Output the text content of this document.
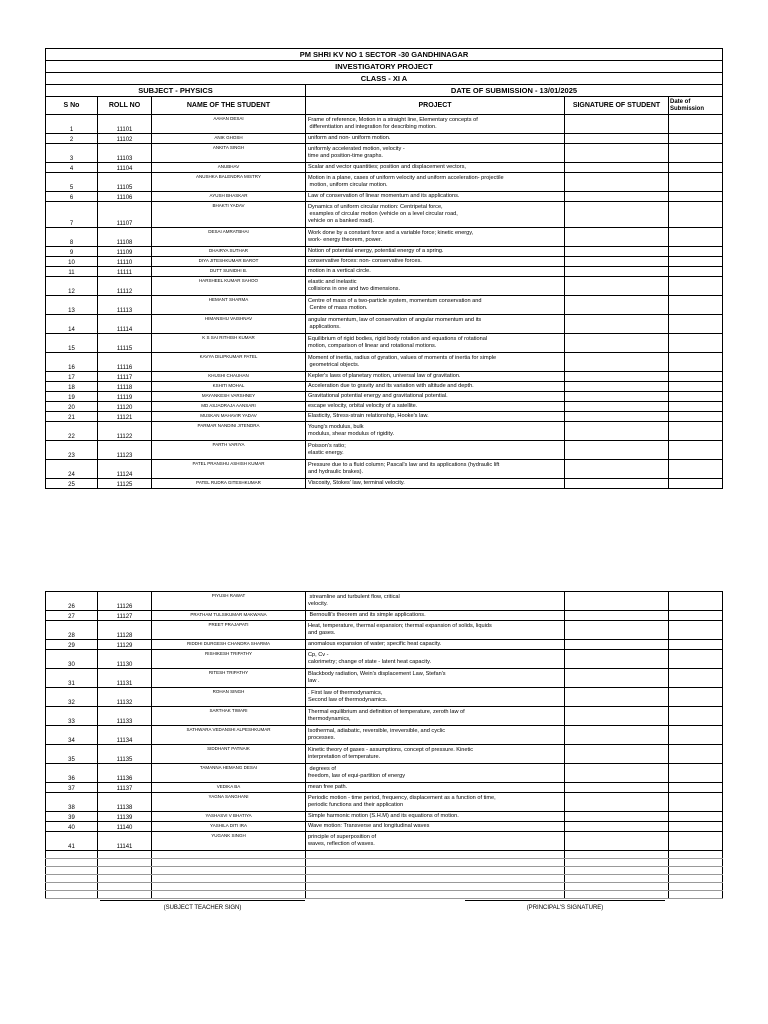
PM SHRI KV NO 1 SECTOR -30 GANDHINAGAR					
INVESTIGATORY PROJECT					
CLASS - XI A					
SUBJECT - PHYSICS			DATE OF SUBMISSION - 13/01/2025		
S No	ROLL NO	NAME OF THE STUDENT	PROJECT	SIGNATURE OF STUDENT	Date of Submission
1	11101	AAHAN DESAI	Frame of reference, Motion in a straight line, Elementary concepts of
differentiation and integration for describing motion.		
2	11102	ANIK GHOSH	uniform and non- uniform motion.		
3	11103	ANKITA SINGH	uniformly accelerated motion, velocity -
time and position-time graphs.		
4	11104	ANUBHAV	Scalar and vector quantities; position and displacement vectors,		
5	11105	ANUSHKA BALENDRA MISTRY	Motion in a plane, cases of uniform velocity and uniform acceleration- projectile
motion, uniform circular motion.		
6	11106	AYUSH BHASKAR	Law of conservation of linear momentum and its applications.		
7	11107	BHAKTI YADAV	Dynamics of uniform circular motion: Centripetal force,
examples of circular motion (vehicle on a level circular road,
vehicle on a banked road).		
8	11108	DESAI AMRATBHAI	Work done by a constant force and a variable force; kinetic energy,
work- energy theorem, power.		
9	11109	DHAIRYA SUTHAR	Notion of potential energy, potential energy of a spring.		
10	11110	DIYA JITESHKUMAR BAROT	conservative forces: non- conservative forces.		
11	11111	DUTT SUNIDHI B.	motion in a vertical circle.		
12	11112	HARSHEEL KUMAR SAHOO	elastic and inelastic
collisions in one and two dimensions.		
13	11113	HEMANT SHARMA	Centre of mass of a two-particle system, momentum conservation and
Centre of mass motion.		
14	11114	HIMANSHU VAISHNAV	angular momentum, law of conservation of angular momentum and its
applications.		
15	11115	K S SAI RITHISH KUMAR	Equilibrium of rigid bodies, rigid body rotation and equations of rotational
motion, comparison of linear and rotational motions.		
16	11116	KAVYA DILIPKUMAR PATEL	Moment of inertia, radius of gyration, values of moments of inertia for simple
geometrical objects.		
17	11117	KHUSHI CHAUHAN	Kepler's laws of planetary motion, universal law of gravitation.		
18	11118	KSHITI MOHAL	Acceleration due to gravity and its variation with altitude and depth.		
19	11119	MAYANKESH VARSHNEY	Gravitational potential energy and gravitational potential.		
20	11120	MD ASJADRAJA AANSARI	escape velocity, orbital velocity of a satellite.		
21	11121	MUSKAN MAHAVIR YADAV	Elasticity, Stress-strain relationship, Hooke's law.		
22	11122	PARMAR NANDINI JITENDRA	Young's modulus, bulk
modulus, shear modulus of rigidity.		
23	11123	PARTH VARIYA	Poisson's ratio;
elastic energy.		
24	11124	PATEL PRANSHU ASHISH KUMAR	Pressure due to a fluid column; Pascal's law and its applications (hydraulic lift
and hydraulic brakes).		
25	11125	PATEL RUDRA GITESHKUMAR	Viscosity, Stokes' law, terminal velocity.		
26	11126	PIYUSH RAWAT	streamline and turbulent flow, critical
velocity.		
27	11127	PRATHAM TULSIKUMAR MAKWANA	Bernoulli's theorem and its simple applications.		
28	11128	PREET PRAJAPATI	Heat, temperature, thermal expansion; thermal expansion of solids, liquids
and gases.		
29	11129	RIDDHI DURGESH CHANDRA SHARMA	anomalous expansion of water; specific heat capacity.		
30	11130	RISHIKESH TRIPATHY	Cp, Cv -
calorimetry; change of state - latent heat capacity.		
31	11131	RITESH TRIPATHY	Blackbody radiation, Wein's displacement Law, Stefan's
law .		
32	11132	ROHAN SINGH	. First law of thermodynamics,
Second law of thermodynamics.		
33	11133	SARTHAK TIWARI	Thermal equilibrium and definition of temperature, zeroth law of
thermodynamics,		
34	11134	SATHWARA VEDANSHI ALPESHKUMAR	Isothermal, adiabatic, reversible, irreversible, and cyclic
processes.		
35	11135	SIDDHANT PATNAIK	Kinetic theory of gases - assumptions, concept of pressure. Kinetic
interpretation of temperature.		
36	11136	TAMANNA HEMANG DESAI	degrees of
freedom, law of equi-partition of energy		
37	11137	VEDIKA BA	mean free path.		
38	11138	YAGNA SANGHANI	Periodic motion - time period, frequency, displacement as a function of time,
periodic functions and their application		
39	11139	YASHASVI V BHATIYA	Simple harmonic motion (S.H.M) and its equations of motion.		
40	11140	YASHILA DITI IRA	Wave motion: Transverse and longitudinal waves		
41	11141	YUGANK SINGH	principle of superposition of
waves, reflection of waves.		

(SUBJECT TEACHER SIGN)	(PRINCIPAL'S SIGNATURE)
